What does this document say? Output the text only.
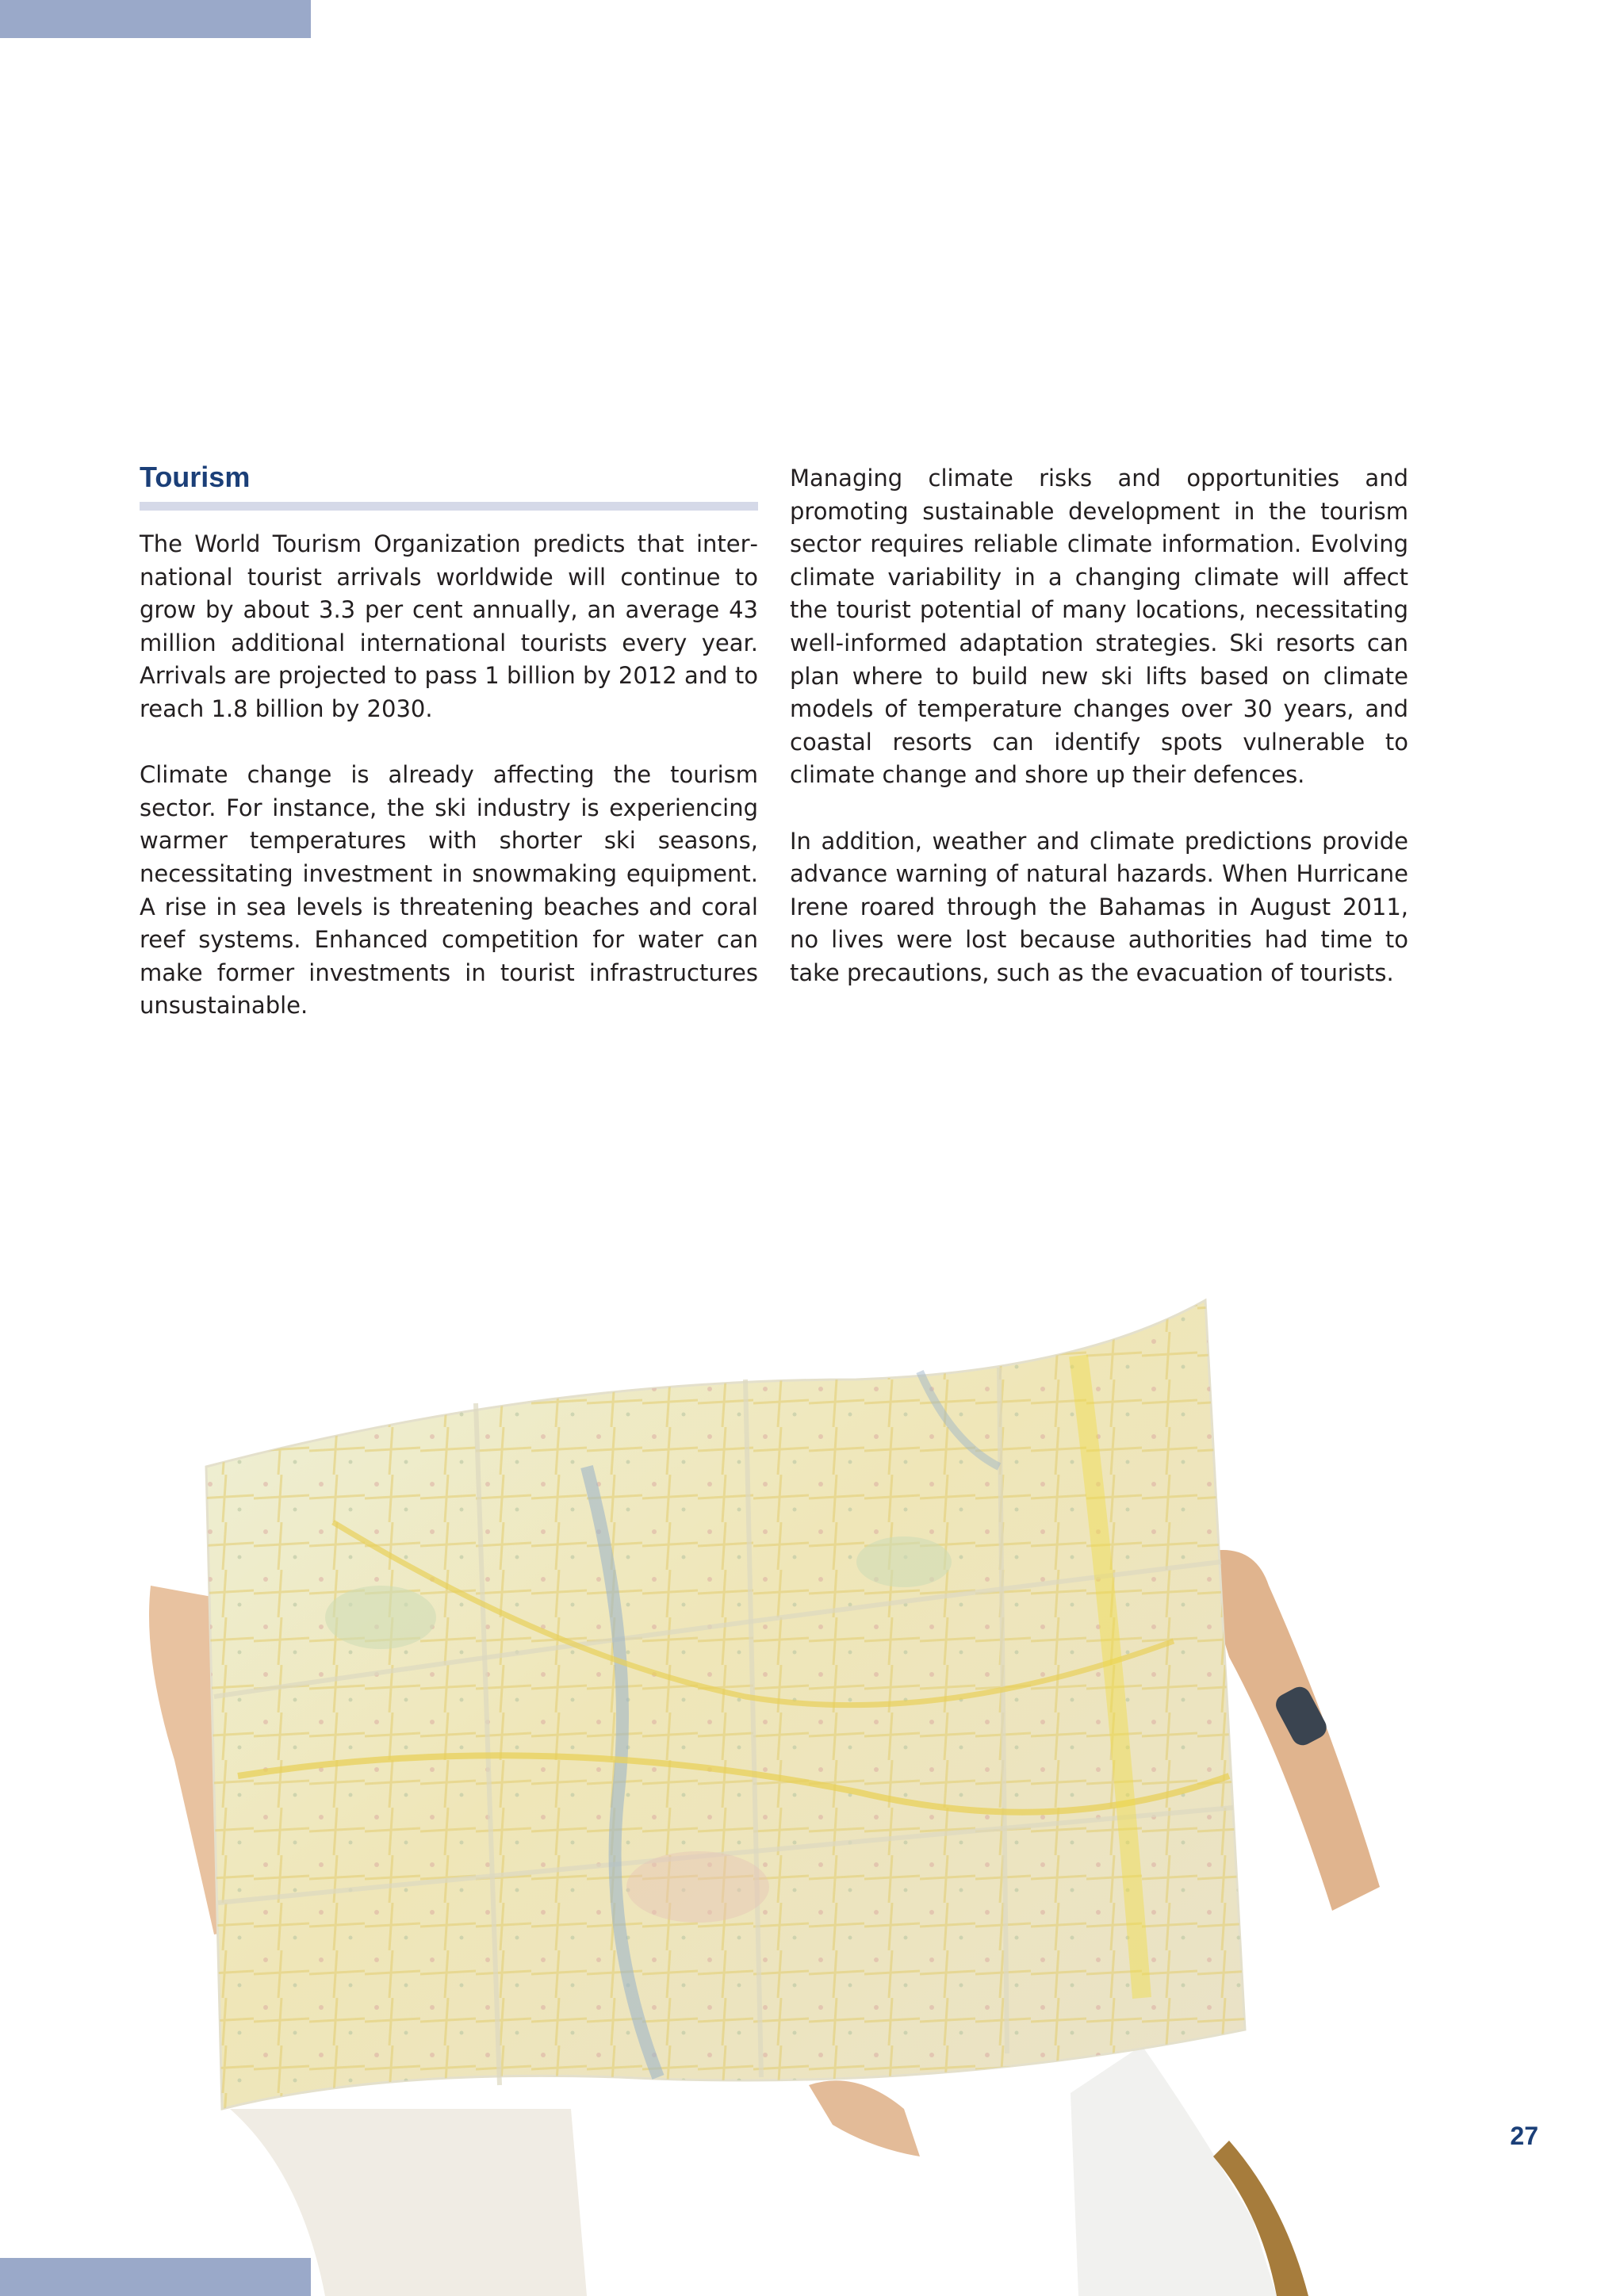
Tourism

The World Tourism Organization predicts that international tourist arrivals worldwide will continue to grow by about 3.3 per cent annually, an average 43 million additional international tourists every year. Arrivals are projected to pass 1 billion by 2012 and to reach 1.8 billion by 2030.

Climate change is already affecting the tourism sector. For instance, the ski industry is experiencing warmer temperatures with shorter ski seasons, necessitating investment in snowmaking equipment. A rise in sea levels is threatening beaches and coral reef systems. Enhanced competition for water can make former investments in tourist infrastructures unsustainable.

Managing climate risks and opportunities and promoting sustainable development in the tourism sector requires reliable climate information. Evolving climate variability in a changing climate will affect the tourist potential of many locations, necessitating well-informed adaptation strategies. Ski resorts can plan where to build new ski lifts based on climate models of temperature changes over 30 years, and coastal resorts can identify spots vulnerable to climate change and shore up their defences.

In addition, weather and climate predictions provide advance warning of natural hazards. When Hurricane Irene roared through the Bahamas in August 2011, no lives were lost because authorities had time to take precautions, such as the evacuation of tourists.

27
